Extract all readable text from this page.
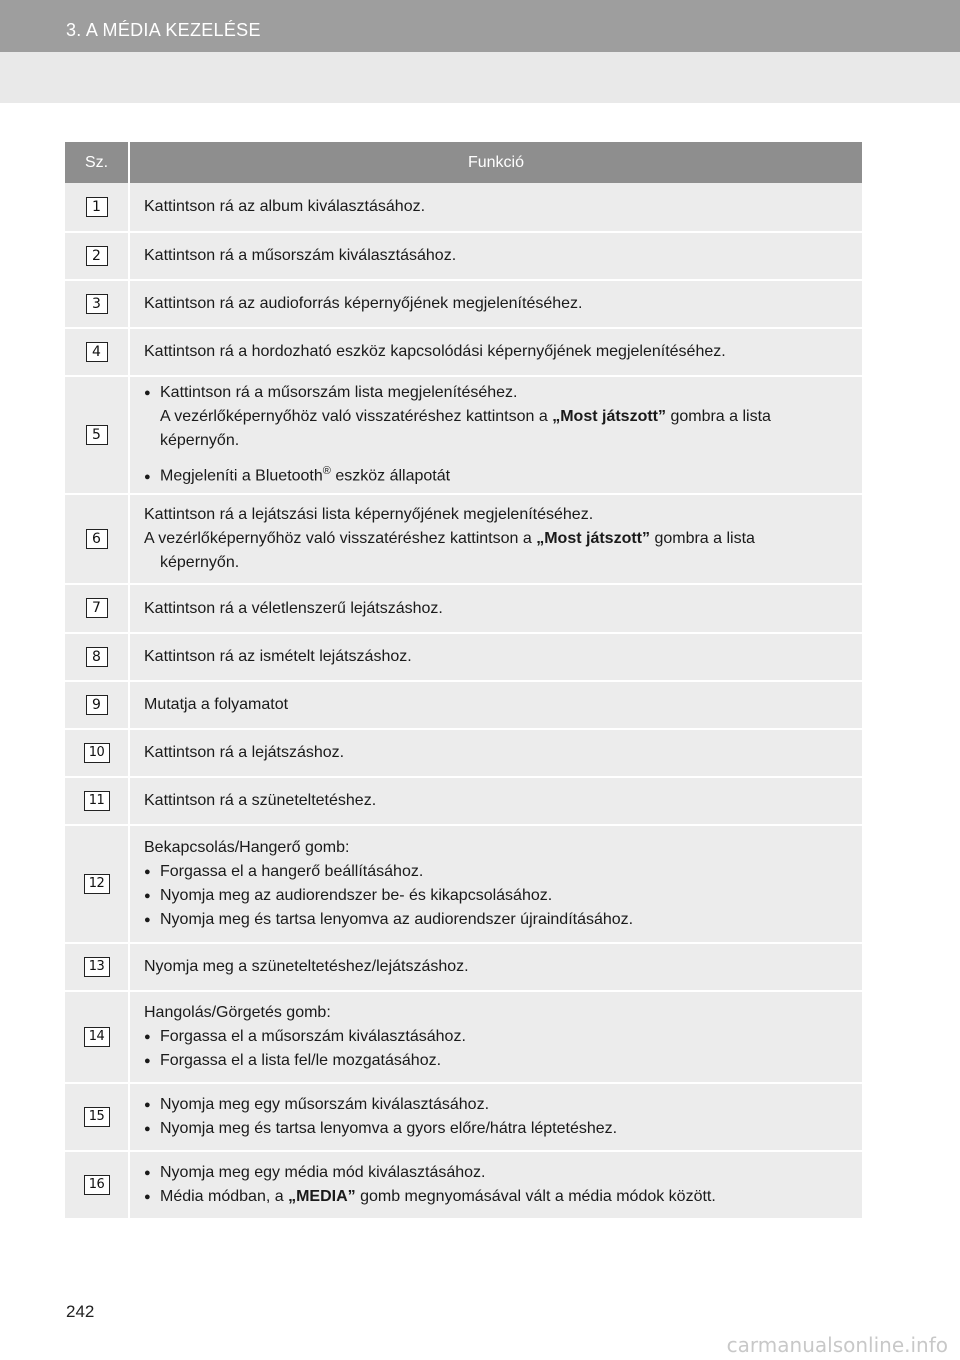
3. A MÉDIA KEZELÉSE
Sz.	Funkció
1	Kattintson rá az album kiválasztásához.

2	Kattintson rá a műsorszám kiválasztásához.

3	Kattintson rá az audioforrás képernyőjének megjelenítéséhez.

4	Kattintson rá a hordozható eszköz kapcsolódási képernyőjének megjelenítéséhez.

5	● Kattintson rá a műsorszám lista megjelenítéséhez.
A vezérlőképernyőhöz való visszatéréshez kattintson a „Most játszott” gombra a lista képernyőn.
● Megjeleníti a Bluetooth® eszköz állapotát

6	Kattintson rá a lejátszási lista képernyőjének megjelenítéséhez.
A vezérlőképernyőhöz való visszatéréshez kattintson a „Most játszott” gombra a lista
képernyőn.

7	Kattintson rá a véletlenszerű lejátszáshoz.

8	Kattintson rá az ismételt lejátszáshoz.

9	Mutatja a folyamatot

10	Kattintson rá a lejátszáshoz.

11	Kattintson rá a szüneteltetéshez.

12	Bekapcsolás/Hangerő gomb:
● Forgassa el a hangerő beállításához.
● Nyomja meg az audiorendszer be- és kikapcsolásához.
● Nyomja meg és tartsa lenyomva az audiorendszer újraindításához.

13	Nyomja meg a szüneteltetéshez/lejátszáshoz.

14	Hangolás/Görgetés gomb:
● Forgassa el a műsorszám kiválasztásához.
● Forgassa el a lista fel/le mozgatásához.

15	● Nyomja meg egy műsorszám kiválasztásához.
● Nyomja meg és tartsa lenyomva a gyors előre/hátra léptetéshez.

16	● Nyomja meg egy média mód kiválasztásához.
● Média módban, a „MEDIA” gomb megnyomásával vált a média módok között.
242
carmanualsonline.info
